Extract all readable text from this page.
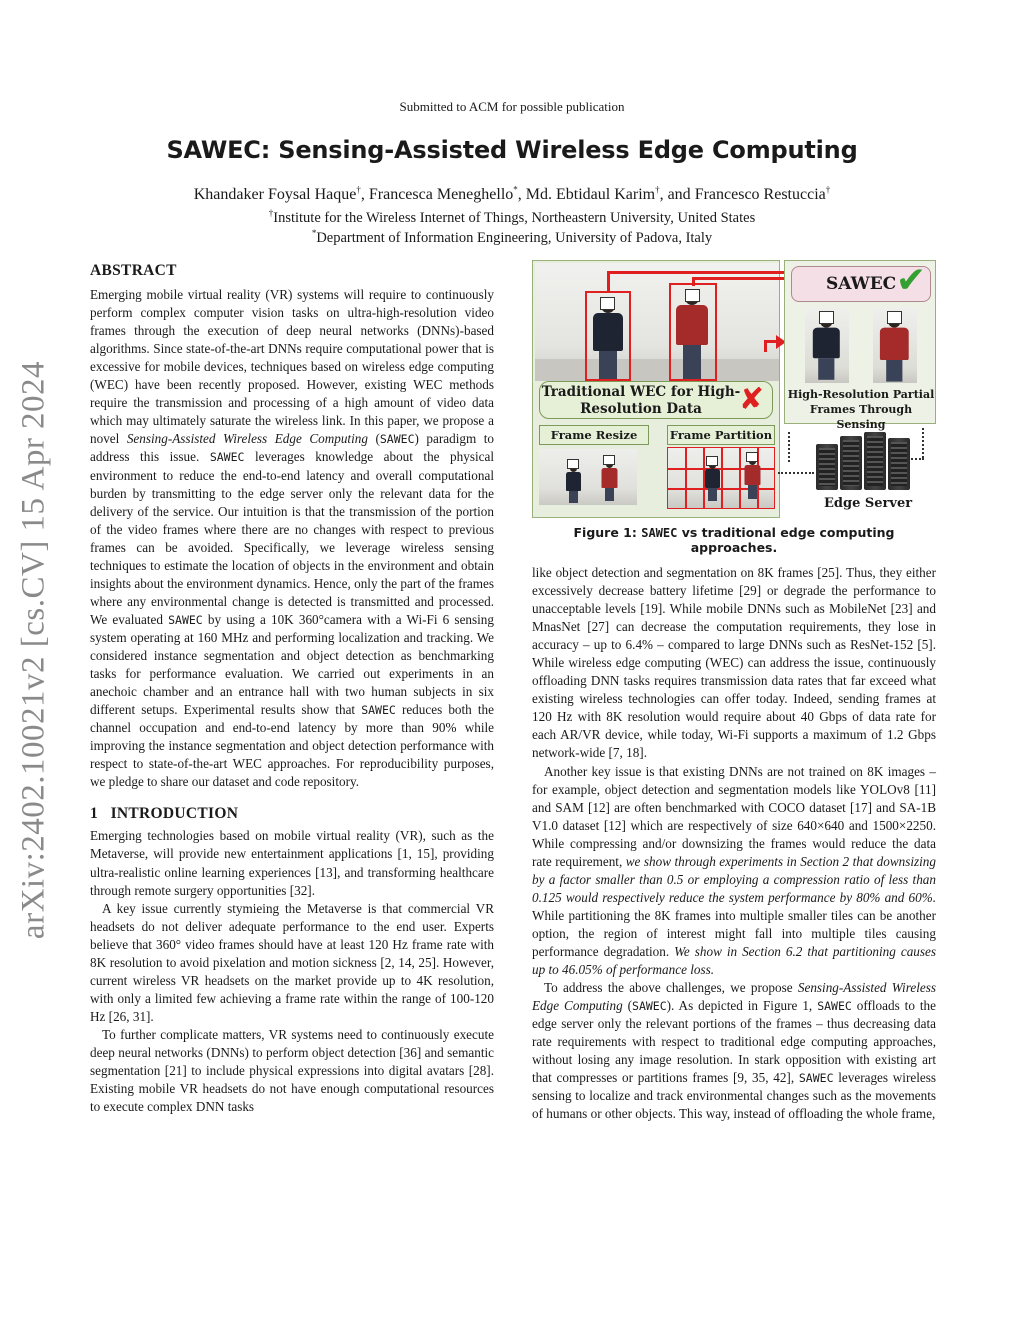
Submitted to ACM for possible publication
SAWEC: Sensing-Assisted Wireless Edge Computing
Khandaker Foysal Haque†, Francesca Meneghello*, Md. Ebtidaul Karim†, and Francesco Restuccia†
†Institute for the Wireless Internet of Things, Northeastern University, United States
*Department of Information Engineering, University of Padova, Italy
arXiv:2402.10021v2 [cs.CV] 15 Apr 2024
ABSTRACT
Emerging mobile virtual reality (VR) systems will require to continuously perform complex computer vision tasks on ultra-high-resolution video frames through the execution of deep neural networks (DNNs)-based algorithms. Since state-of-the-art DNNs require computational power that is excessive for mobile devices, techniques based on wireless edge computing (WEC) have been recently proposed. However, existing WEC methods require the transmission and processing of a high amount of video data which may ultimately saturate the wireless link. In this paper, we propose a novel Sensing-Assisted Wireless Edge Computing (SAWEC) paradigm to address this issue. SAWEC leverages knowledge about the physical environment to reduce the end-to-end latency and overall computational burden by transmitting to the edge server only the relevant data for the delivery of the service. Our intuition is that the transmission of the portion of the video frames where there are no changes with respect to previous frames can be avoided. Specifically, we leverage wireless sensing techniques to estimate the location of objects in the environment and obtain insights about the environment dynamics. Hence, only the part of the frames where any environmental change is detected is transmitted and processed. We evaluated SAWEC by using a 10K 360°camera with a Wi-Fi 6 sensing system operating at 160 MHz and performing localization and tracking. We considered instance segmentation and object detection as benchmarking tasks for performance evaluation. We carried out experiments in an anechoic chamber and an entrance hall with two human subjects in six different setups. Experimental results show that SAWEC reduces both the channel occupation and end-to-end latency by more than 90% while improving the instance segmentation and object detection performance with respect to state-of-the-art WEC approaches. For reproducibility purposes, we pledge to share our dataset and code repository.
1 INTRODUCTION
Emerging technologies based on mobile virtual reality (VR), such as the Metaverse, will provide new entertainment applications [1, 15], providing ultra-realistic online learning experiences [13], and transforming healthcare through remote surgery opportunities [32].
A key issue currently stymieing the Metaverse is that commercial VR headsets do not deliver adequate performance to the end user. Experts believe that 360° video frames should have at least 120 Hz frame rate with 8K resolution to avoid pixelation and motion sickness [2, 14, 25]. However, current wireless VR headsets on the market provide up to 4K resolution, with only a limited few achieving a frame rate within the range of 100-120 Hz [26, 31].
To further complicate matters, VR systems need to continuously execute deep neural networks (DNNs) to perform object detection [36] and semantic segmentation [21] to include physical expressions into digital avatars [28]. Existing mobile VR headsets do not have enough computational resources to execute complex DNN tasks
Traditional WEC for High-Resolution Data ✘
Frame Resize	Frame Partition
SAWEC ✔
High-Resolution Partial Frames Through Sensing
Edge Server
Figure 1: SAWEC vs traditional edge computing approaches.
like object detection and segmentation on 8K frames [25]. Thus, they either excessively decrease battery lifetime [29] or degrade the performance to unacceptable levels [19]. While mobile DNNs such as MobileNet [23] and MnasNet [27] can decrease the computation requirements, they lose in accuracy – up to 6.4% – compared to large DNNs such as ResNet-152 [5]. While wireless edge computing (WEC) can address the issue, continuously offloading DNN tasks requires transmission data rates that far exceed what existing wireless technologies can offer today. Indeed, sending frames at 120 Hz with 8K resolution would require about 40 Gbps of data rate for each AR/VR device, while today, Wi-Fi supports a maximum of 1.2 Gbps network-wide [7, 18].
Another key issue is that existing DNNs are not trained on 8K images – for example, object detection and segmentation models like YOLOv8 [11] and SAM [12] are often benchmarked with COCO dataset [17] and SA-1B V1.0 dataset [12] which are respectively of size 640×640 and 1500×2250. While compressing and/or downsizing the frames would reduce the data rate requirement, we show through experiments in Section 2 that downsizing by a factor smaller than 0.5 or employing a compression ratio of less than 0.125 would respectively reduce the system performance by 80% and 60%. While partitioning the 8K frames into multiple smaller tiles can be another option, the region of interest might fall into multiple tiles causing performance degradation. We show in Section 6.2 that partitioning causes up to 46.05% of performance loss.
To address the above challenges, we propose Sensing-Assisted Wireless Edge Computing (SAWEC). As depicted in Figure 1, SAWEC offloads to the edge server only the relevant portions of the frames – thus decreasing data rate requirements with respect to traditional edge computing approaches, without losing any image resolution. In stark opposition with existing art that compresses or partitions frames [9, 35, 42], SAWEC leverages wireless sensing to localize and track environmental changes such as the movements of humans or other objects. This way, instead of offloading the whole frame,
